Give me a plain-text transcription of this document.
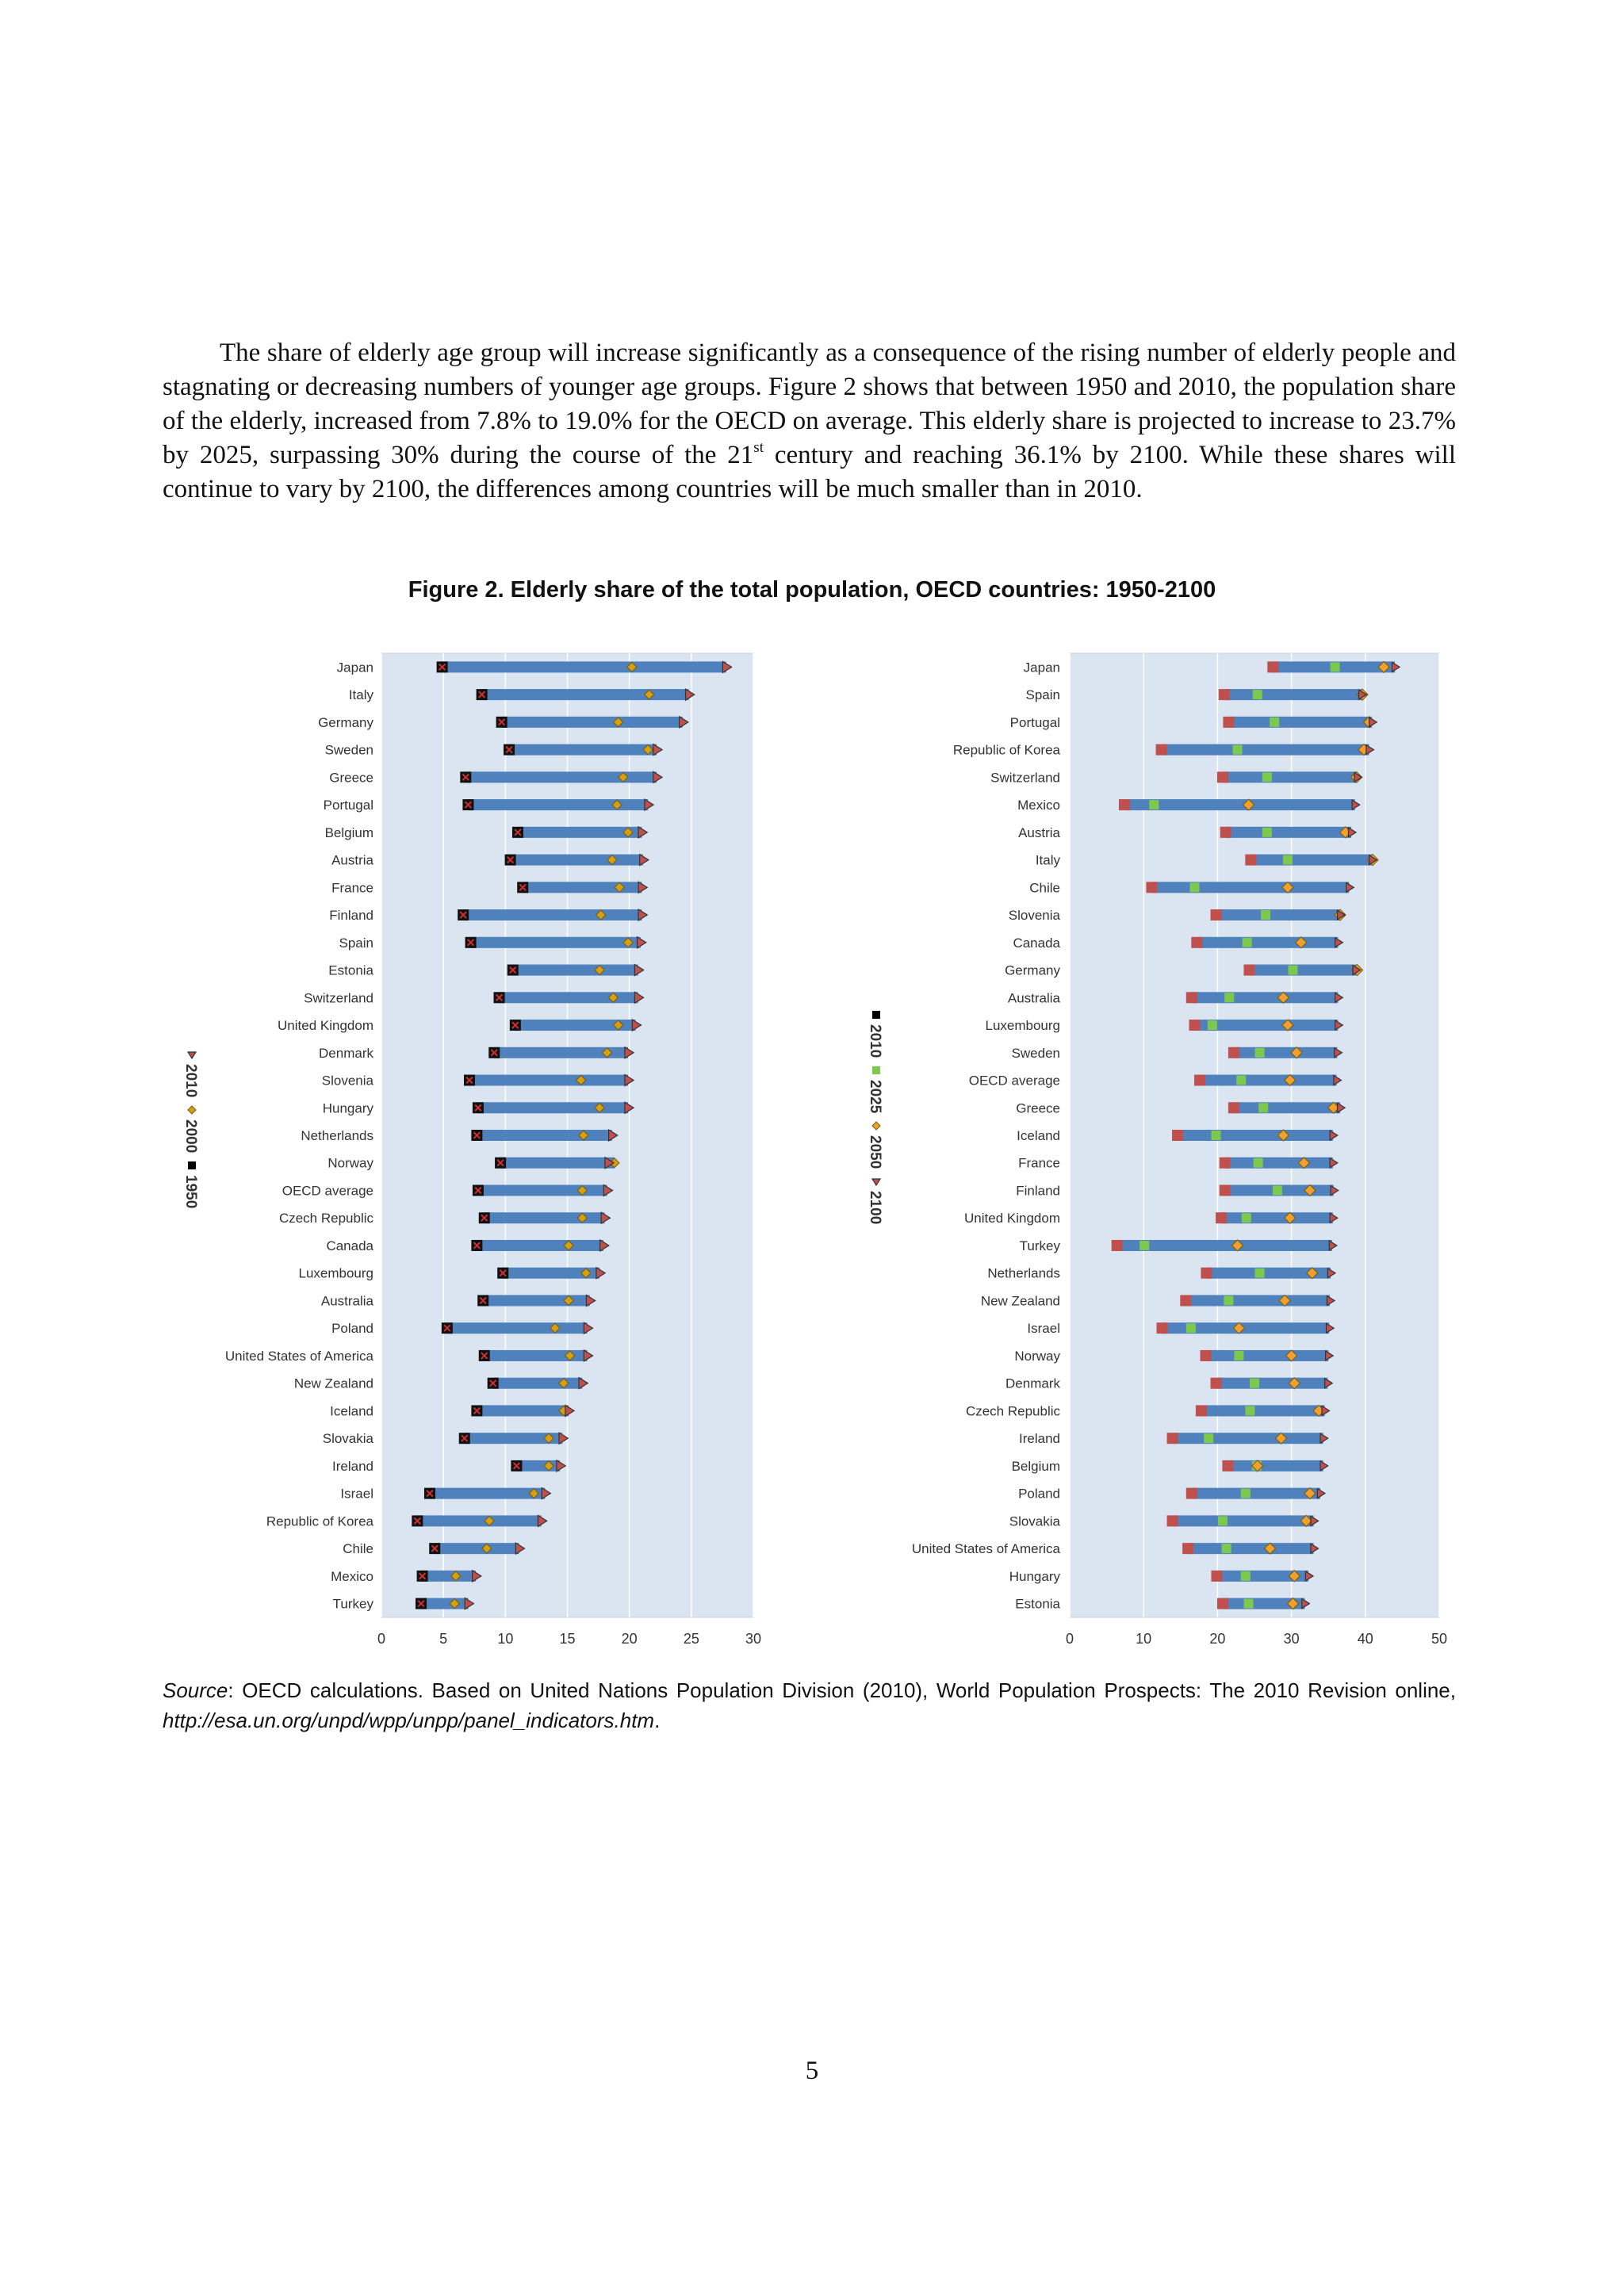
The share of elderly age group will increase significantly as a consequence of the rising number of elderly people and stagnating or decreasing numbers of younger age groups. Figure 2 shows that between 1950 and 2010, the population share of the elderly, increased from 7.8% to 19.0% for the OECD on average. This elderly share is projected to increase to 23.7% by 2025, surpassing 30% during the course of the 21st century and reaching 36.1% by 2100. While these shares will continue to vary by 2100, the differences among countries will be much smaller than in 2010.

Figure 2. Elderly share of the total population, OECD countries: 1950-2100

0	5	10	15	20	25	30
Japan
Italy
Germany
Sweden
Greece
Portugal
Belgium
Austria
France
Finland
Spain
Estonia
Switzerland
United Kingdom
Denmark
Slovenia
Hungary
Netherlands
Norway
OECD average
Czech Republic
Canada
Luxembourg
Australia
Poland
United States of America
New Zealand
Iceland
Slovakia
Ireland
Israel
Republic of Korea
Chile
Mexico
Turkey
2010
2000
1950
0	10	20	30	40	50
Japan
Spain
Portugal
Republic of Korea
Switzerland
Mexico
Austria
Italy
Chile
Slovenia
Canada
Germany
Australia
Luxembourg
Sweden
OECD average
Greece
Iceland
France
Finland
United Kingdom
Turkey
Netherlands
New Zealand
Israel
Norway
Denmark
Czech Republic
Ireland
Belgium
Poland
Slovakia
United States of America
Hungary
Estonia
2010
2025
2050
2100

Source: OECD calculations. Based on United Nations Population Division (2010), World Population Prospects: The 2010 Revision online, http://esa.un.org/unpd/wpp/unpp/panel_indicators.htm.

5
